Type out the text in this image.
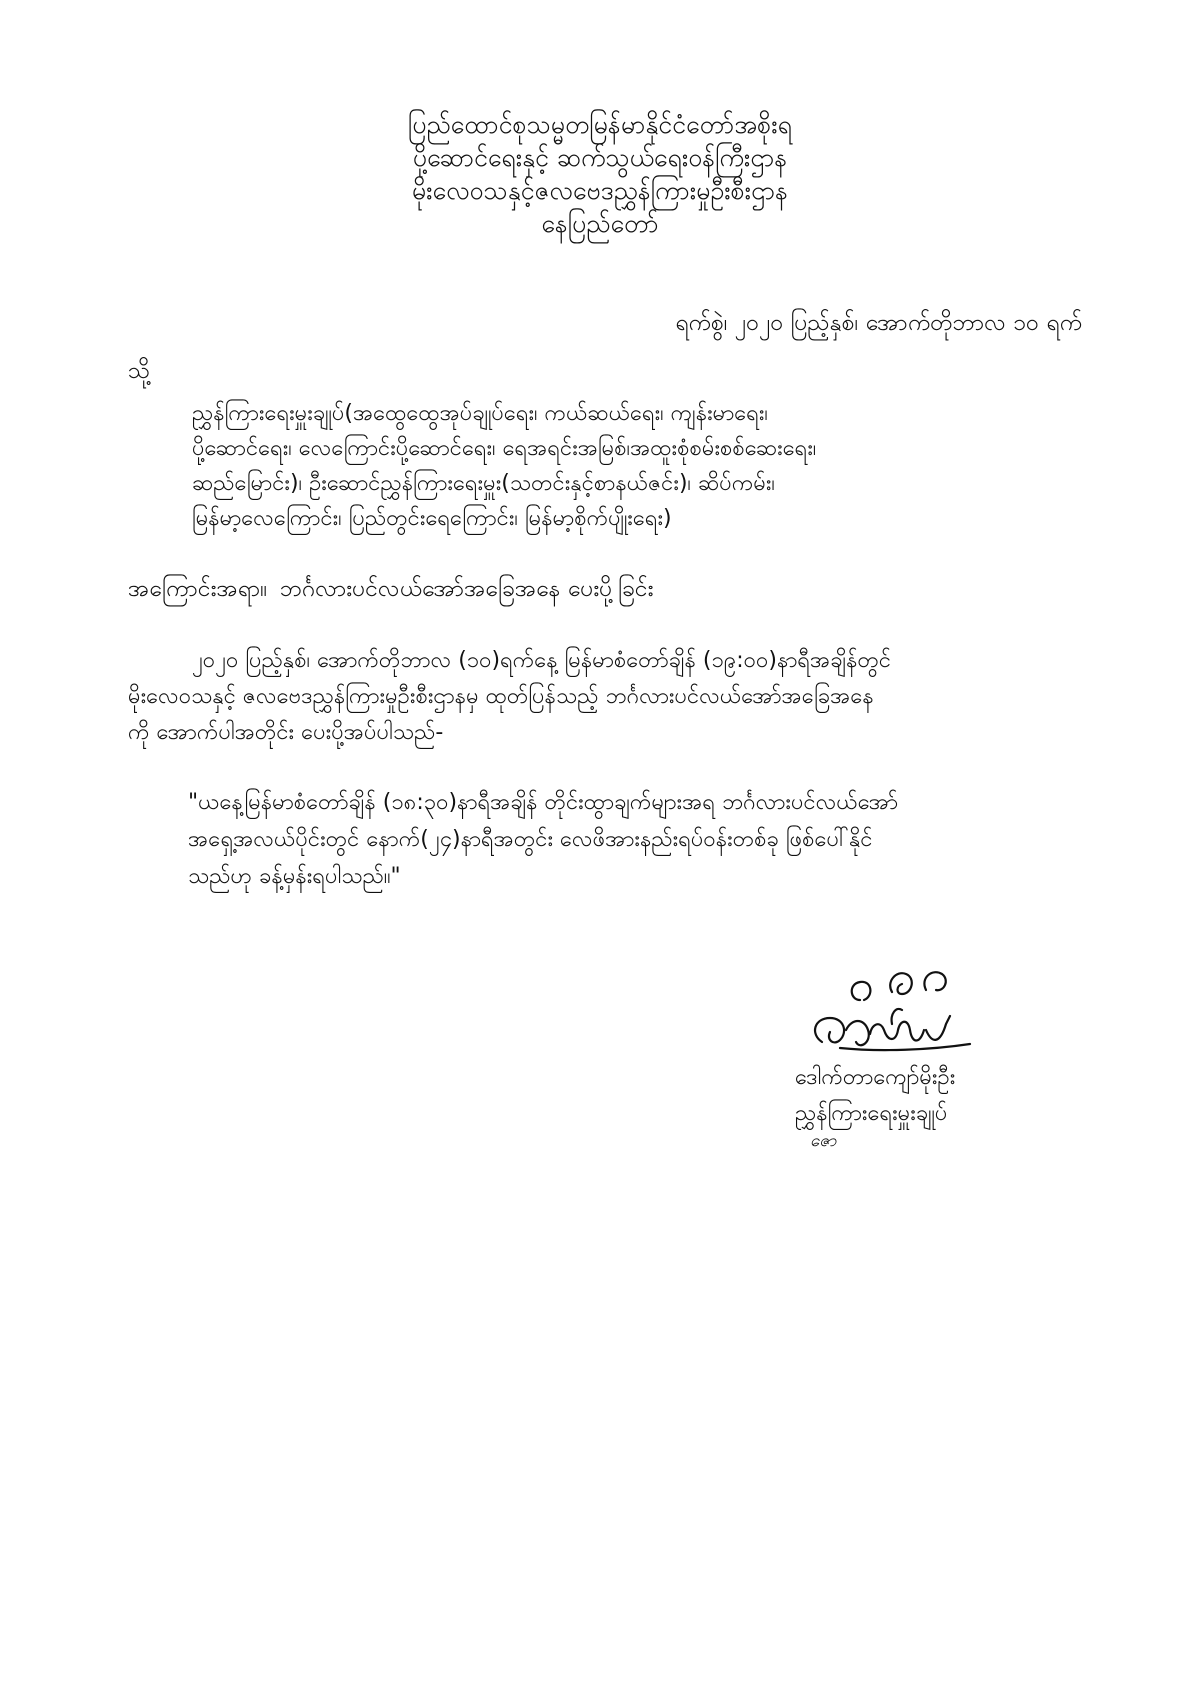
ပြည်ထောင်စုသမ္မတမြန်မာနိုင်ငံတော်အစိုးရ
ပို့ဆောင်ရေးနှင့် ဆက်သွယ်ရေးဝန်ကြီးဌာန
မိုးလေဝသနှင့်ဇလဗေဒညွှန်ကြားမှုဦးစီးဌာန
နေပြည်တော်
ရက်စွဲ၊ ၂၀၂၀ ပြည့်နှစ်၊ အောက်တိုဘာလ ၁၀ ရက်
သို့
ညွှန်ကြားရေးမှူးချုပ်(အထွေထွေအုပ်ချုပ်ရေး၊ ကယ်ဆယ်ရေး၊ ကျန်းမာရေး၊
ပို့ဆောင်ရေး၊ လေကြောင်းပို့ဆောင်ရေး၊ ရေအရင်းအမြစ်၊အထူးစုံစမ်းစစ်ဆေးရေး၊
ဆည်မြောင်း)၊ ဦးဆောင်ညွှန်ကြားရေးမှူး(သတင်းနှင့်စာနယ်ဇင်း)၊ ဆိပ်ကမ်း၊
မြန်မာ့လေကြောင်း၊ ပြည်တွင်းရေကြောင်း၊ မြန်မာ့စိုက်ပျိုးရေး)
အကြောင်းအရာ။ ဘင်္ဂလားပင်လယ်အော်အခြေအနေ ပေးပို့ခြင်း
၂၀၂၀ ပြည့်နှစ်၊ အောက်တိုဘာလ (၁၀)ရက်နေ့ မြန်မာစံတော်ချိန် (၁၉:၀၀)နာရီအချိန်တွင်
မိုးလေဝသနှင့် ဇလဗေဒညွှန်ကြားမှုဦးစီးဌာနမှ ထုတ်ပြန်သည့် ဘင်္ဂလားပင်လယ်အော်အခြေအနေ
ကို အောက်ပါအတိုင်း ပေးပို့အပ်ပါသည်-
"ယနေ့မြန်မာစံတော်ချိန် (၁၈:၃၀)နာရီအချိန် တိုင်းထွာချက်များအရ ဘင်္ဂလားပင်လယ်အော်
အရှေ့အလယ်ပိုင်းတွင် နောက်(၂၄)နာရီအတွင်း လေဖိအားနည်းရပ်ဝန်းတစ်ခု ဖြစ်ပေါ်နိုင်
သည်ဟု ခန့်မှန်းရပါသည်။"
ဒေါက်တာကျော်မိုးဦး
ညွှန်ကြားရေးမှူးချုပ်
ဇော
